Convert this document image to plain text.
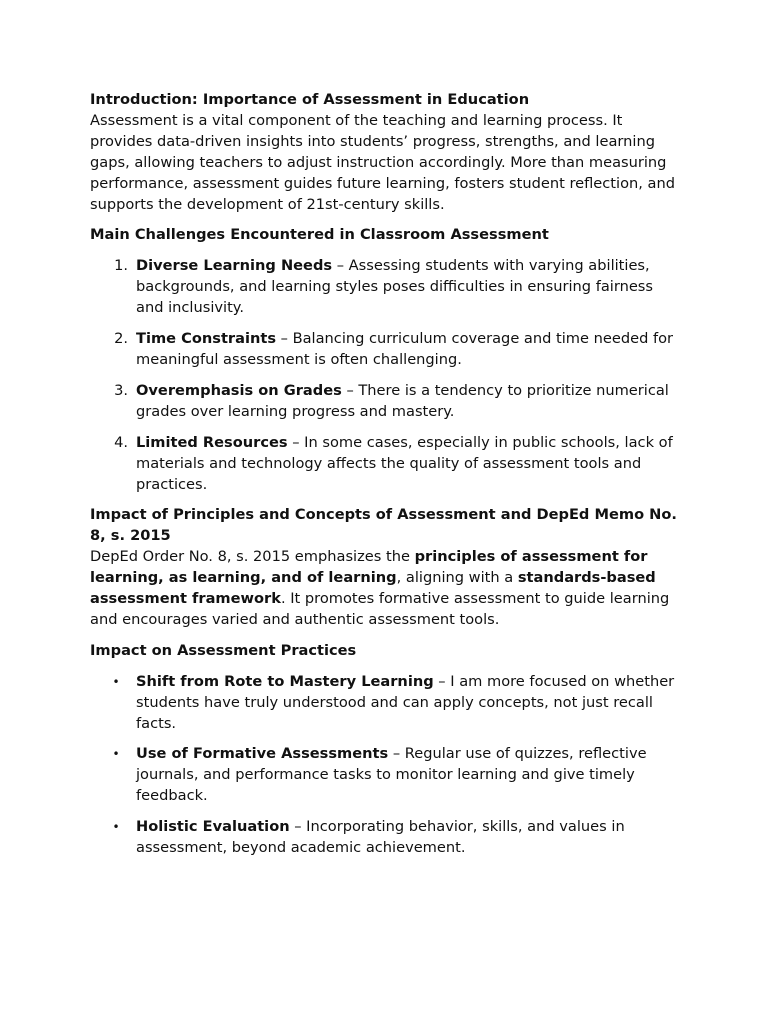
Introduction: Importance of Assessment in Education

Assessment is a vital component of the teaching and learning process. It provides data-driven insights into students’ progress, strengths, and learning gaps, allowing teachers to adjust instruction accordingly. More than measuring performance, assessment guides future learning, fosters student reflection, and supports the development of 21st-century skills.

Main Challenges Encountered in Classroom Assessment
1. Diverse Learning Needs – Assessing students with varying abilities, backgrounds, and learning styles poses difficulties in ensuring fairness and inclusivity.
2. Time Constraints – Balancing curriculum coverage and time needed for meaningful assessment is often challenging.
3. Overemphasis on Grades – There is a tendency to prioritize numerical grades over learning progress and mastery.
4. Limited Resources – In some cases, especially in public schools, lack of materials and technology affects the quality of assessment tools and practices.
Impact of Principles and Concepts of Assessment and DepEd Memo No. 8, s. 2015

DepEd Order No. 8, s. 2015 emphasizes the principles of assessment for learning, as learning, and of learning, aligning with a standards-based assessment framework. It promotes formative assessment to guide learning and encourages varied and authentic assessment tools.

Impact on Assessment Practices
• Shift from Rote to Mastery Learning – I am more focused on whether students have truly understood and can apply concepts, not just recall facts.
• Use of Formative Assessments – Regular use of quizzes, reflective journals, and performance tasks to monitor learning and give timely feedback.
• Holistic Evaluation – Incorporating behavior, skills, and values in assessment, beyond academic achievement.
